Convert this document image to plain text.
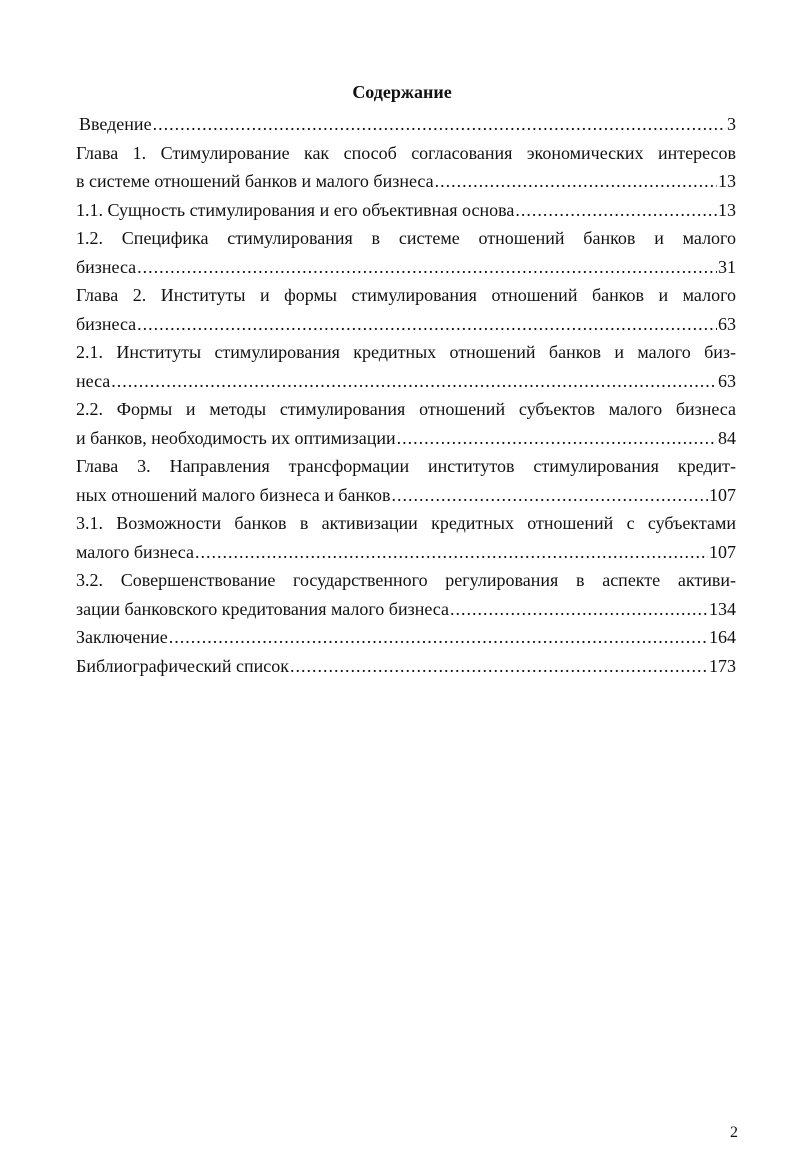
Содержание
Введение .....	3
Глава 1. Стимулирование как способ согласования экономических интересов
в системе отношений банков и малого бизнеса .....	13
1.1. Сущность стимулирования и его объективная основа .....	13
1.2. Специфика стимулирования в системе отношений банков и малого
бизнеса .....	31
Глава 2. Институты и формы стимулирования отношений банков и малого
бизнеса .....	63
2.1. Институты стимулирования кредитных отношений банков и малого биз-
неса .....	63
2.2. Формы и методы стимулирования отношений субъектов малого бизнеса
и банков, необходимость их оптимизации .....	84
Глава 3. Направления трансформации институтов стимулирования кредит-
ных отношений малого бизнеса и банков .....	107
3.1. Возможности банков в активизации кредитных отношений с субъектами
малого бизнеса .....	107
3.2. Совершенствование государственного регулирования в аспекте активи-
зации банковского кредитования малого бизнеса .....	134
Заключение .....	164
Библиографический список .....	173
2
